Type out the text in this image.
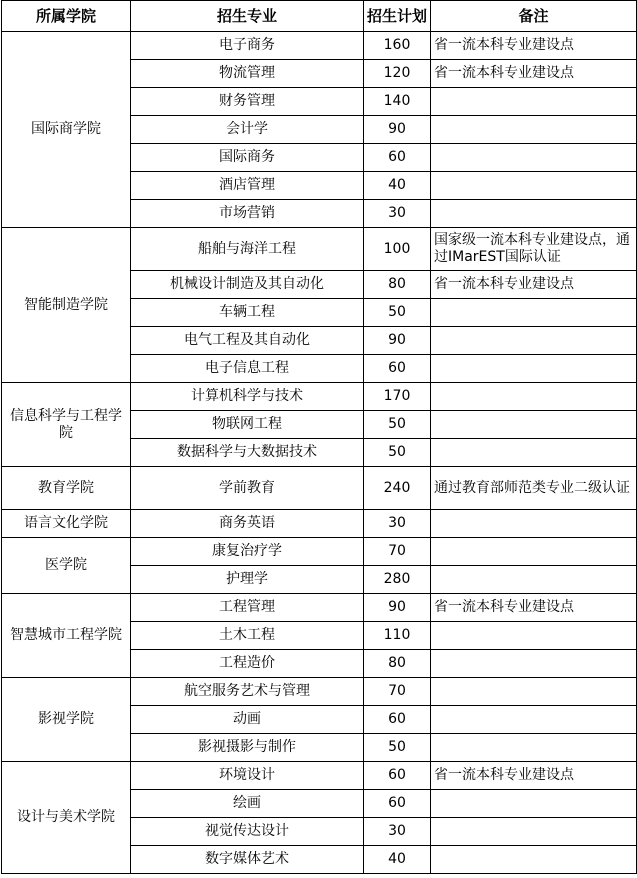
所属学院	招生专业	招生计划	备注
国际商学院	电子商务	160	省一流本科专业建设点
	物流管理	120	省一流本科专业建设点
	财务管理	140	
	会计学	90	
	国际商务	60	
	酒店管理	40	
	市场营销	30	
智能制造学院	船舶与海洋工程	100	国家级一流本科专业建设点，通过IMarEST国际认证
	机械设计制造及其自动化	80	省一流本科专业建设点
	车辆工程	50	
	电气工程及其自动化	90	
	电子信息工程	60	
信息科学与工程学院	计算机科学与技术	170	
	物联网工程	50	
	数据科学与大数据技术	50	
教育学院	学前教育	240	通过教育部师范类专业二级认证
语言文化学院	商务英语	30	
医学院	康复治疗学	70	
	护理学	280	
智慧城市工程学院	工程管理	90	省一流本科专业建设点
	土木工程	110	
	工程造价	80	
影视学院	航空服务艺术与管理	70	
	动画	60	
	影视摄影与制作	50	
设计与美术学院	环境设计	60	省一流本科专业建设点
	绘画	60	
	视觉传达设计	30	
	数字媒体艺术	40	
